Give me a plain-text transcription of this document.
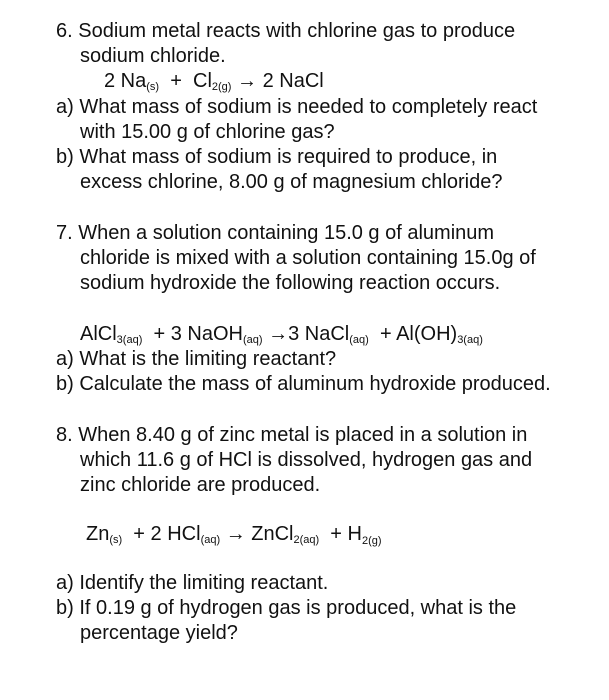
6. Sodium metal reacts with chlorine gas to produce
sodium chloride.
2 $Na_{(s)} + Cl_{2(g)} \to 2$ NaCl
a) What mass of sodium is needed to completely react
with 15.00 g of chlorine gas?
b) What mass of sodium is required to produce, in
excess chlorine, 8.00 g of magnesium chloride?
7. When a solution containing 15.0 g of aluminum
chloride is mixed with a solution containing 15.0g of
sodium hydroxide the following reaction occurs.
AlCl$_{3(aq)}$ + 3 NaOH$_{(aq)}$ →3 NaCl$_{(aq)}$ + $Al(OH)_{3(aq)}$
a) What is the limiting reactant?
b) Calculate the mass of aluminum hydroxide produced.
8. When 8.40 g of zinc metal is placed in a solution in
which 11.6 g of HCl is dissolved, hydrogen gas and
zinc chloride are produced.
$Zn_{(s)} + 2$ HCl$_{(aq)}$ → ZnCl$_{2(aq)}$ + $H_{2(g)}$
a) Identify the limiting reactant.
b) If 0.19 g of hydrogen gas is produced, what is the
percentage yield?
